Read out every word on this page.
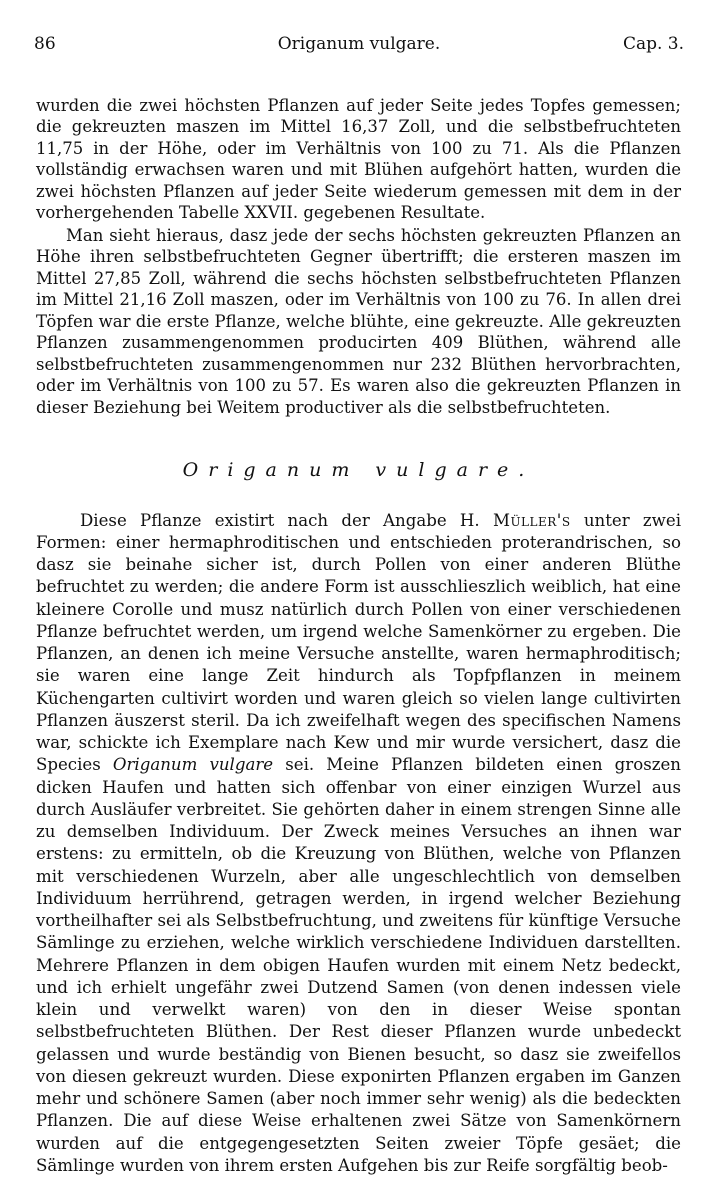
86	Origanum vulgare.	Cap. 3.

wurden die zwei höchsten Pflanzen auf jeder Seite jedes Topfes gemessen; die gekreuzten maszen im Mittel 16,37 Zoll, und die selbstbefruchteten 11,75 in der Höhe, oder im Verhältnis von 100 zu 71. Als die Pflanzen vollständig erwachsen waren und mit Blühen aufgehört hatten, wurden die zwei höchsten Pflanzen auf jeder Seite wiederum gemessen mit dem in der vorhergehenden Tabelle XXVII. gegebenen Resultate.

Man sieht hieraus, dasz jede der sechs höchsten gekreuzten Pflanzen an Höhe ihren selbstbefruchteten Gegner übertrifft; die ersteren maszen im Mittel 27,85 Zoll, während die sechs höchsten selbstbefruchteten Pflanzen im Mittel 21,16 Zoll maszen, oder im Verhältnis von 100 zu 76. In allen drei Töpfen war die erste Pflanze, welche blühte, eine gekreuzte. Alle gekreuzten Pflanzen zusammengenommen producirten 409 Blüthen, während alle selbstbefruchteten zusammengenommen nur 232 Blüthen hervorbrachten, oder im Verhältnis von 100 zu 57. Es waren also die gekreuzten Pflanzen in dieser Beziehung bei Weitem productiver als die selbstbefruchteten.

Origanum vulgare.

Diese Pflanze existirt nach der Angabe H. Müller's unter zwei Formen: einer hermaphroditischen und entschieden proterandrischen, so dasz sie beinahe sicher ist, durch Pollen von einer anderen Blüthe befruchtet zu werden; die andere Form ist ausschlieszlich weiblich, hat eine kleinere Corolle und musz natürlich durch Pollen von einer verschiedenen Pflanze befruchtet werden, um irgend welche Samenkörner zu ergeben. Die Pflanzen, an denen ich meine Versuche anstellte, waren hermaphroditisch; sie waren eine lange Zeit hindurch als Topfpflanzen in meinem Küchengarten cultivirt worden und waren gleich so vielen lange cultivirten Pflanzen äuszerst steril. Da ich zweifelhaft wegen des specifischen Namens war, schickte ich Exemplare nach Kew und mir wurde versichert, dasz die Species Origanum vulgare sei. Meine Pflanzen bildeten einen groszen dicken Haufen und hatten sich offenbar von einer einzigen Wurzel aus durch Ausläufer verbreitet. Sie gehörten daher in einem strengen Sinne alle zu demselben Individuum. Der Zweck meines Versuches an ihnen war erstens: zu ermitteln, ob die Kreuzung von Blüthen, welche von Pflanzen mit verschiedenen Wurzeln, aber alle ungeschlechtlich von demselben Individuum herrührend, getragen werden, in irgend welcher Beziehung vortheilhafter sei als Selbstbefruchtung, und zweitens für künftige Versuche Sämlinge zu erziehen, welche wirklich verschiedene Individuen darstellten. Mehrere Pflanzen in dem obigen Haufen wurden mit einem Netz bedeckt, und ich erhielt ungefähr zwei Dutzend Samen (von denen indessen viele klein und verwelkt waren) von den in dieser Weise spontan selbstbefruchteten Blüthen. Der Rest dieser Pflanzen wurde unbedeckt gelassen und wurde beständig von Bienen besucht, so dasz sie zweifellos von diesen gekreuzt wurden. Diese exponirten Pflanzen ergaben im Ganzen mehr und schönere Samen (aber noch immer sehr wenig) als die bedeckten Pflanzen. Die auf diese Weise erhaltenen zwei Sätze von Samenkörnern wurden auf die entgegengesetzten Seiten zweier Töpfe gesäet; die Sämlinge wurden von ihrem ersten Aufgehen bis zur Reife sorgfältig beob-
